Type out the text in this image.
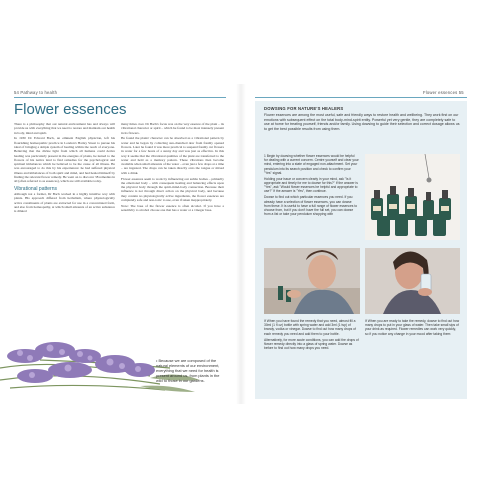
54 Pathway to health
Flower essences

There is a philosophy that our natural environment has and always will provide us with everything that we need to restore and maintain our health in body, mind and spirit.

In 1930 Dr Edward Bach, an eminent English physician, left his flourishing homeopathic practice in London's Harley Street to pursue his ideal of bringing a simple system of healing within the reach of everyone. Believing that the divine light from which all humans could derive healing was particularly present in the energies of plants, he turned to the flowers of his native land to find remedies for the psychological and spiritual imbalances which he believed to be the cause of all illness. He was encouraged to do this by his experiences: he had suffered physical illness and imbalances of both spirit and mind, and had healed himself by finding the relevant flower remedy. He went on to discover 38 remedies in all (often referred to as essences), which are still available today.

Vibrational patterns

Although not a former, Dr Bach worked in a highly intuitive way with plants. His approach differed from herbalism, where physiologically active constituents of plants are extracted for use in a concentrated form, and also from homeopathy, at which small amounts of an active substance is diluted

many times over. Dr Bach's focus was on the very essence of the plant – its vibrational character or spirit – which he found to be most intensely present in its flowers.

He found the plants' character can be absorbed as a vibrational pattern by water and he began by collecting sun-drenched dew from freshly opened flowers. Later he found it was more practical to suspend freshly cut flowers in water for a few hours of a sunny day and was just as effective. In this way it seems that the vibrational qualities of the plant are transferred to the water and held as a memory pattern. These vibrations then become available when small amounts of the water – even just a few drops at a time – are ingested. The drops can be taken directly onto the tongue or mixed with a drink.

Flower essences seem to work by influencing our subtle bodies – primarily the emotional body – with consequent healing and balancing effects upon the physical body through the spirit-mind-body connection. Because their influence is not through direct action on the physical body, and because they contain no physiologically active ingredients, the flower essences are completely safe and non-toxic to use, even if taken inappropriately.

Note: The base of the flower essence is often alcohol. If you have a sensitivity to alcohol choose one that has a water or a vinegar base.

• Because we are composed of the natural elements of our environment, everything that we need for health is present around us, from plants in the wild to those in our gardens.
Flower essences 55
DOWSING FOR NATURE'S HEALERS
Flower essences are among the most useful, safe and friendly ways to restore health and wellbeing. They work first on our emotions with subsequent effect on the total body-mind-spirit entity. Powerful yet very gentle, they are completely safe to use at home for treating yourself, friends and/or family. Using dowsing to guide their selection and correct dosage allows us to get the best possible results from using them.

1 Begin by dowsing whether flower essences would be helpful for dealing with a current concern. Centre yourself and clear your mind, entering into a state of engaged non-attachment. Set your pendulum into its search position and check to confirm your "Yes" signal.

Holding your issue or concern clearly in your mind, ask "Is it appropriate and timely for me to dowse for this?" If the answer is "Yes", ask "Would flower essences be helpful and appropriate to use?" If the answer is "Yes", then continue.

Dowse to find out which particular essences you need. If you already have a selection of flower essences, you can dowse from these. It is useful to have a full range of flower essences to choose from, but if you don't have the full set, you can dowse from a list or take your pendulum shopping with

If When you have found the remedy that you need, almost fill a 30ml (1 fl oz) bottle with spring water and add 3ml (1 tsp) of brandy, vodka or vinegar. Dowse to find out how many drops of each remedy you need and add them to your bottle.

Alternatively, for more acute conditions, you can add the drops of flower remedy directly into a glass of spring water. Dowse as before to find out how many drops you need.

If When you are ready to take the remedy, dowse to find out how many drops to put in your glass of water. Then take small sips of your drink as required. Flower remedies can work very quickly, so if you notice any change in your mood after taking them
